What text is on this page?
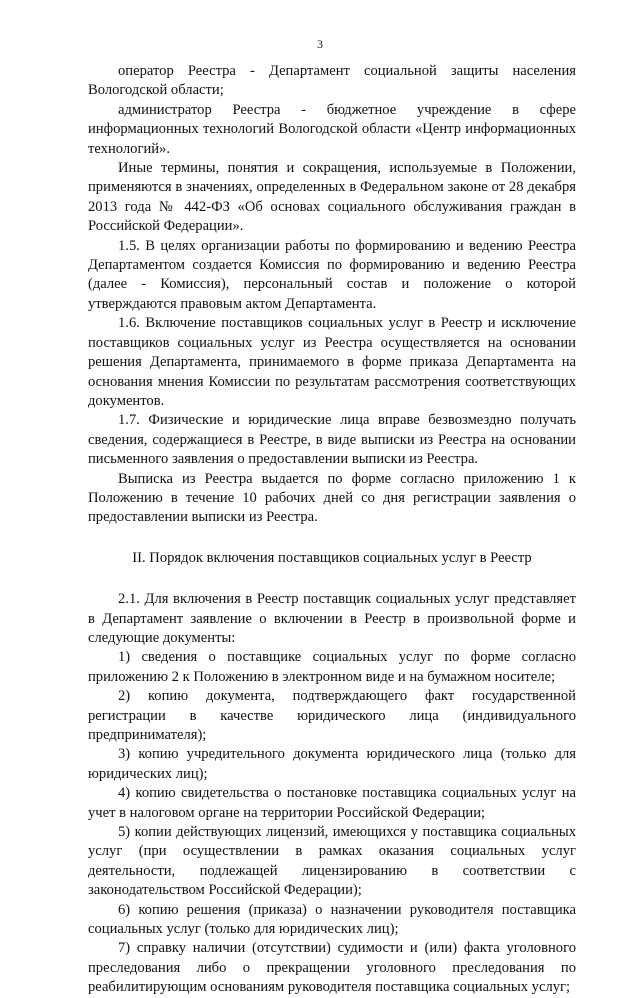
3

оператор Реестра - Департамент социальной защиты населения Вологодской области;

администратор Реестра - бюджетное учреждение в сфере информационных технологий Вологодской области «Центр информационных технологий».

Иные термины, понятия и сокращения, используемые в Положении, применяются в значениях, определенных в Федеральном законе от 28 декабря 2013 года № 442-ФЗ «Об основах социального обслуживания граждан в Российской Федерации».

1.5. В целях организации работы по формированию и ведению Реестра Департаментом создается Комиссия по формированию и ведению Реестра (далее - Комиссия), персональный состав и положение о которой утверждаются правовым актом Департамента.

1.6. Включение поставщиков социальных услуг в Реестр и исключение поставщиков социальных услуг из Реестра осуществляется на основании решения Департамента, принимаемого в форме приказа Департамента на основания мнения Комиссии по результатам рассмотрения соответствующих документов.

1.7. Физические и юридические лица вправе безвозмездно получать сведения, содержащиеся в Реестре, в виде выписки из Реестра на основании письменного заявления о предоставлении выписки из Реестра.

Выписка из Реестра выдается по форме согласно приложению 1 к Положению в течение 10 рабочих дней со дня регистрации заявления о предоставлении выписки из Реестра.

II. Порядок включения поставщиков социальных услуг в Реестр

2.1. Для включения в Реестр поставщик социальных услуг представляет в Департамент заявление о включении в Реестр в произвольной форме и следующие документы:

1) сведения о поставщике социальных услуг по форме согласно приложению 2 к Положению в электронном виде и на бумажном носителе;

2) копию документа, подтверждающего факт государственной регистрации в качестве юридического лица (индивидуального предпринимателя);

3) копию учредительного документа юридического лица (только для юридических лиц);

4) копию свидетельства о постановке поставщика социальных услуг на учет в налоговом органе на территории Российской Федерации;

5) копии действующих лицензий, имеющихся у поставщика социальных услуг (при осуществлении в рамках оказания социальных услуг деятельности, подлежащей лицензированию в соответствии с законодательством Российской Федерации);

6) копию решения (приказа) о назначении руководителя поставщика социальных услуг (только для юридических лиц);

7) справку наличии (отсутствии) судимости и (или) факта уголовного преследования либо о прекращении уголовного преследования по реабилитирующим основаниям руководителя поставщика социальных услуг;
